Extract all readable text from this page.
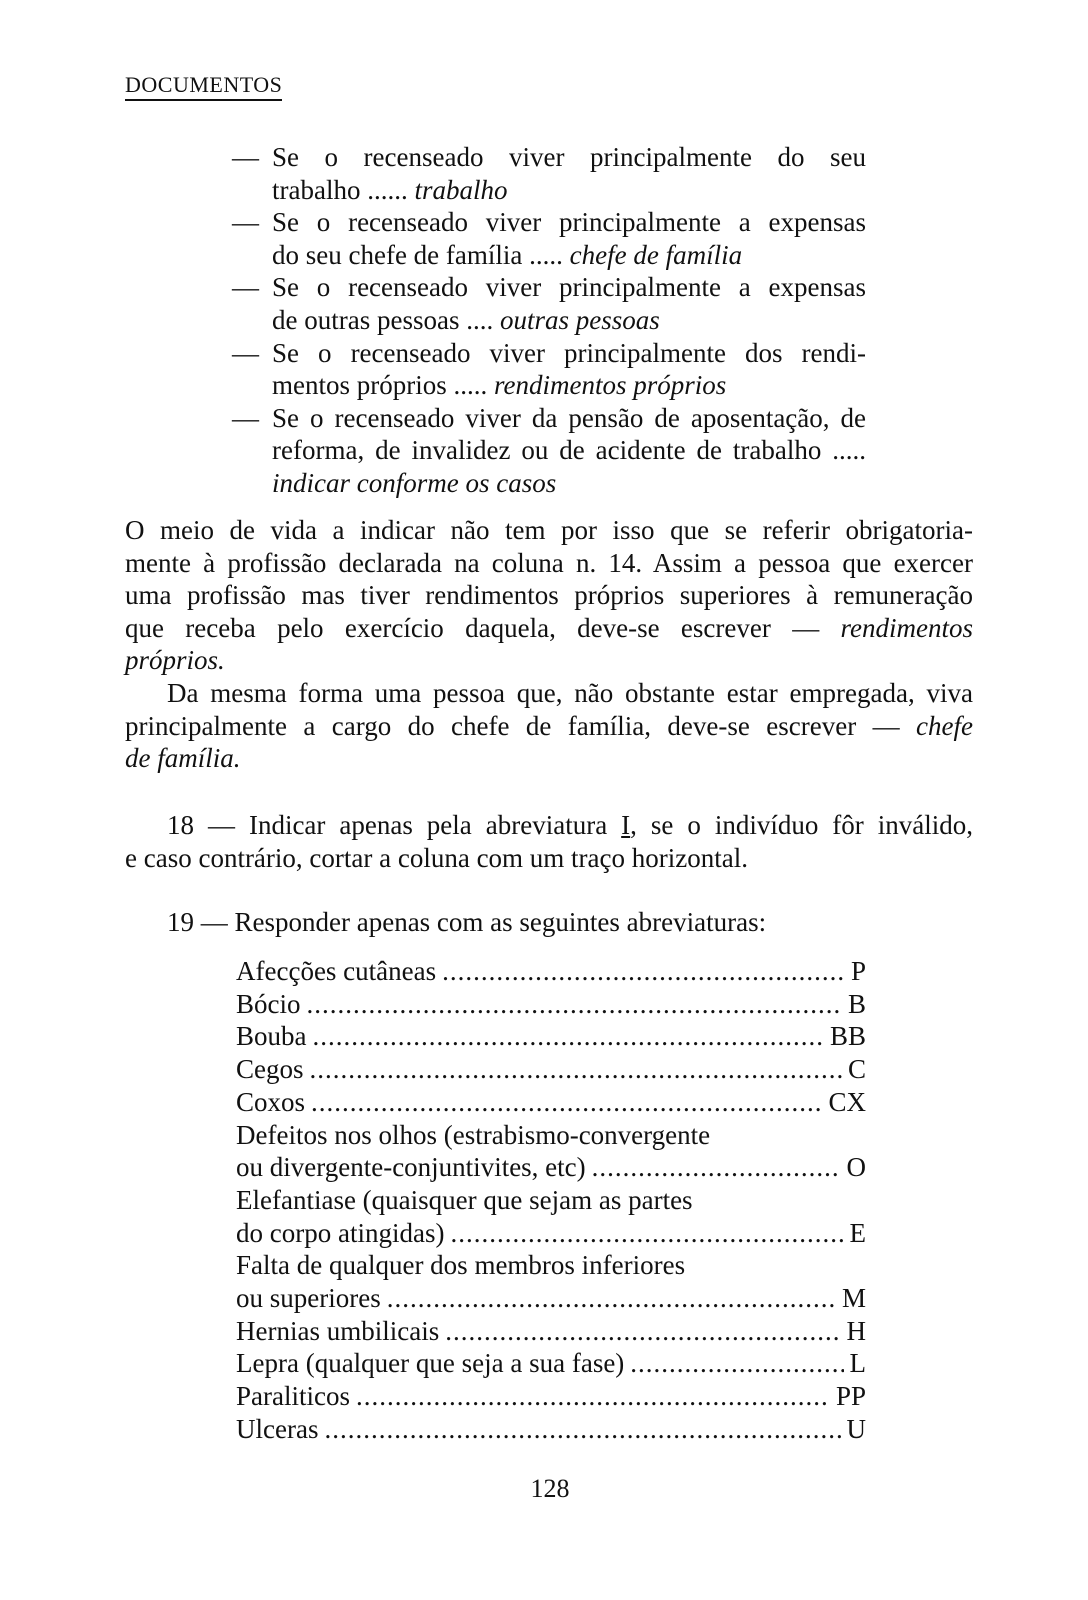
DOCUMENTOS
— Se o recenseado viver principalmente do seu
trabalho ...... trabalho
— Se o recenseado viver principalmente a expensas
do seu chefe de família ..... chefe de família
— Se o recenseado viver principalmente a expensas
de outras pessoas .... outras pessoas
— Se o recenseado viver principalmente dos rendi-
mentos próprios ..... rendimentos próprios
— Se o recenseado viver da pensão de aposentação, de
reforma, de invalidez ou de acidente de trabalho .....
indicar conforme os casos
O meio de vida a indicar não tem por isso que se referir obrigatoria-
mente à profissão declarada na coluna n. 14. Assim a pessoa que exercer
uma profissão mas tiver rendimentos próprios superiores à remuneração
que receba pelo exercício daquela, deve-se escrever — rendimentos
próprios.
Da mesma forma uma pessoa que, não obstante estar empregada, viva
principalmente a cargo do chefe de família, deve-se escrever — chefe
de família.
18 — Indicar apenas pela abreviatura I, se o indivíduo fôr inválido,
e caso contrário, cortar a coluna com um traço horizontal.
19 — Responder apenas com as seguintes abreviaturas:
Afecções cutâneas .....	P
Bócio .....	B
Bouba .....	BB
Cegos .....	C
Coxos .....	CX
Defeitos nos olhos (estrabismo-convergente
ou divergente-conjuntivites, etc) .....	O
Elefantiase (quaisquer que sejam as partes
do corpo atingidas) .....	E
Falta de qualquer dos membros inferiores
ou superiores .....	M
Hernias umbilicais .....	H
Lepra (qualquer que seja a sua fase) .....	L
Paraliticos .....	PP
Ulceras .....	U
128
